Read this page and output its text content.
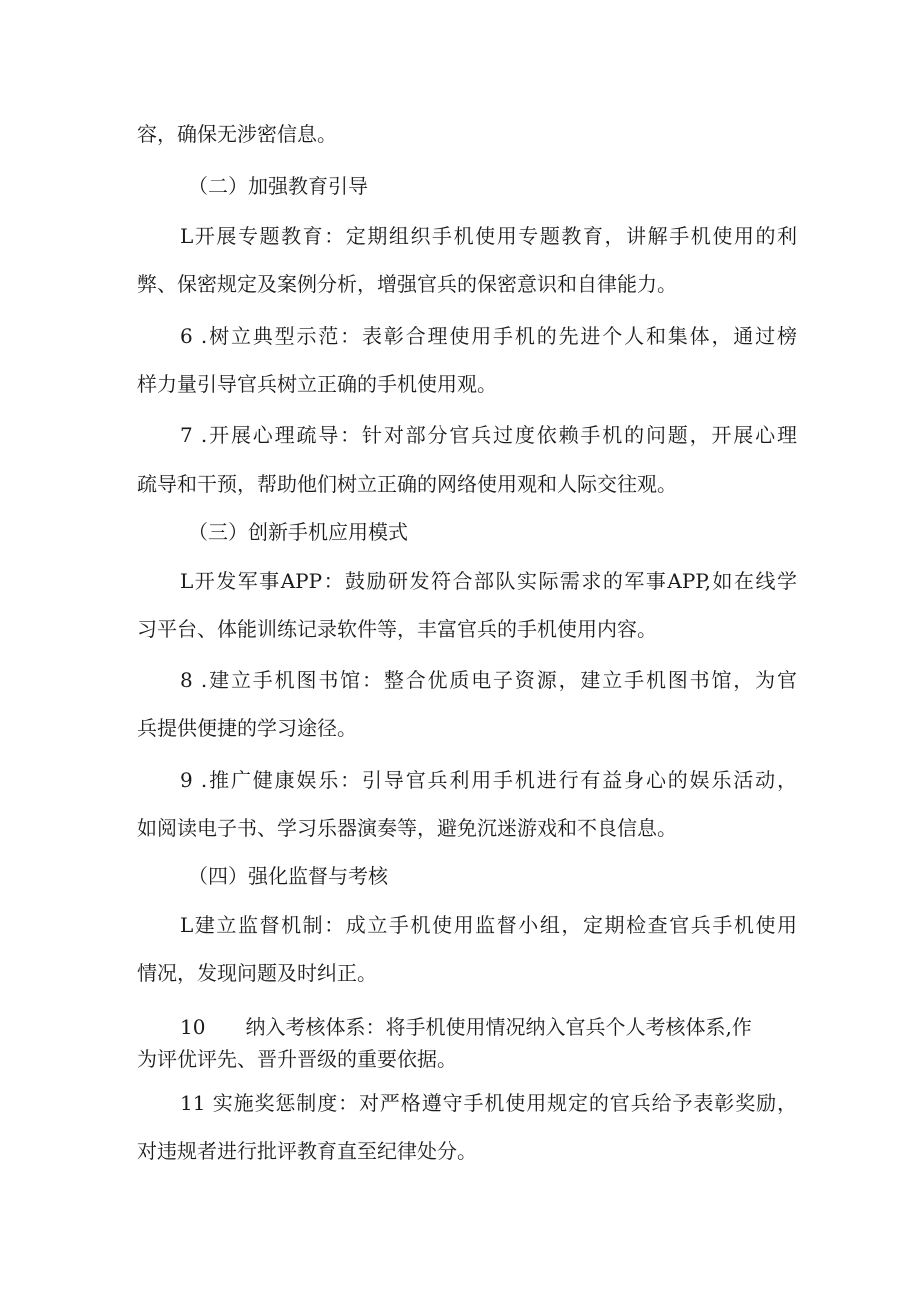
容，确保无涉密信息。
（二）加强教育引导
L开展专题教育：定期组织手机使用专题教育，讲解手机使用的利
弊、保密规定及案例分析，增强官兵的保密意识和自律能力。
6 .树立典型示范：表彰合理使用手机的先进个人和集体，通过榜
样力量引导官兵树立正确的手机使用观。
7 .开展心理疏导：针对部分官兵过度依赖手机的问题，开展心理
疏导和干预，帮助他们树立正确的网络使用观和人际交往观。
（三）创新手机应用模式
L开发军事APP：鼓励研发符合部队实际需求的军事APP,如在线学
习平台、体能训练记录软件等，丰富官兵的手机使用内容。
8 .建立手机图书馆：整合优质电子资源，建立手机图书馆，为官
兵提供便捷的学习途径。
9 .推广健康娱乐：引导官兵利用手机进行有益身心的娱乐活动，
如阅读电子书、学习乐器演奏等，避免沉迷游戏和不良信息。
（四）强化监督与考核
L建立监督机制：成立手机使用监督小组，定期检查官兵手机使用
情况，发现问题及时纠正。
10 纳入考核体系：将手机使用情况纳入官兵个人考核体系,作
为评优评先、晋升晋级的重要依据。
11 实施奖惩制度：对严格遵守手机使用规定的官兵给予表彰奖励，
对违规者进行批评教育直至纪律处分。
